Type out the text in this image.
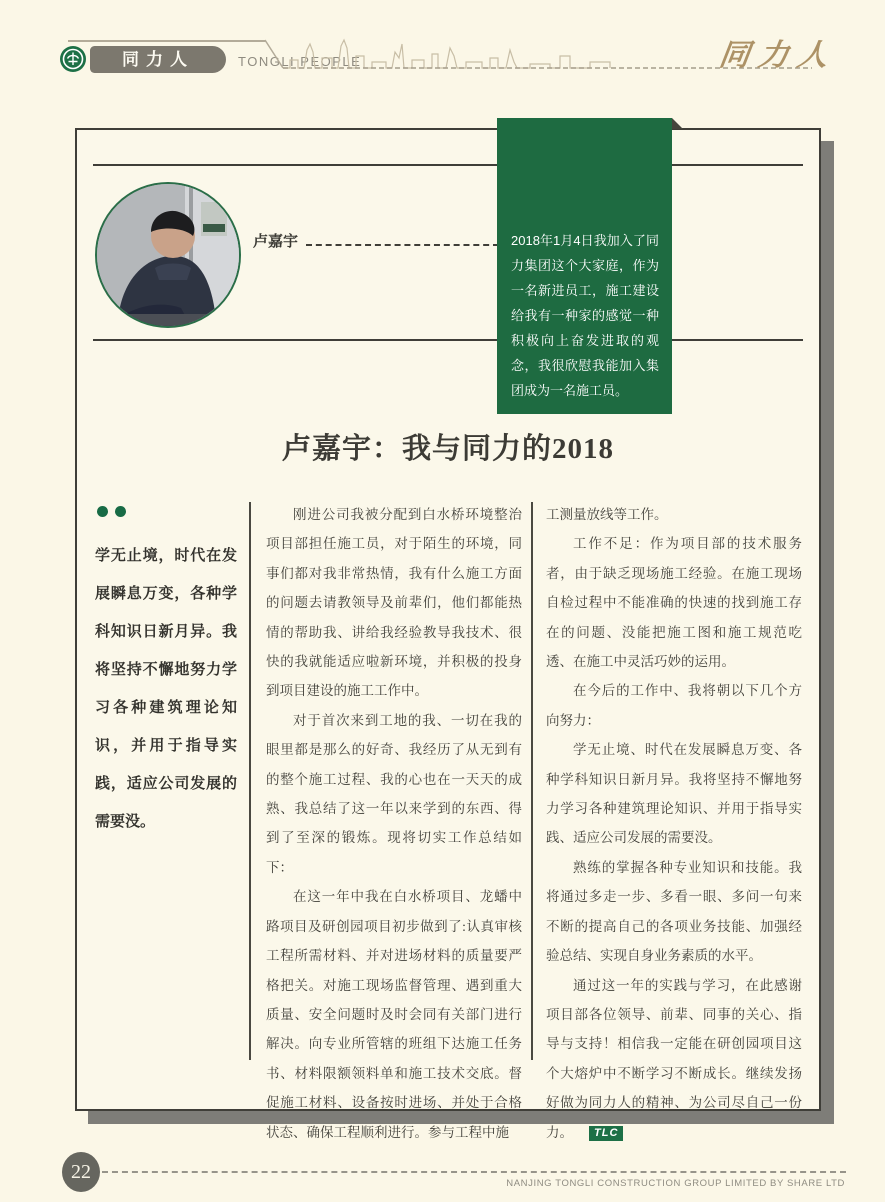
同力人	TONGLI PEOPLE	同力人
卢嘉宇	2018年1月4日我加入了同力集团这个大家庭，作为一名新进员工，施工建设给我有一种家的感觉一种积极向上奋发进取的观念，我很欣慰我能加入集团成为一名施工员。

卢嘉宇：我与同力的2018

学无止境，时代在发展瞬息万变，各种学科知识日新月异。我将坚持不懈地努力学习各种建筑理论知识，并用于指导实践，适应公司发展的需要没。

刚进公司我被分配到白水桥环境整治项目部担任施工员，对于陌生的环境，同事们都对我非常热情，我有什么施工方面的问题去请教领导及前辈们，他们都能热情的帮助我、讲给我经验教导我技术、很快的我就能适应啦新环境，并积极的投身到项目建设的施工工作中。

对于首次来到工地的我、一切在我的眼里都是那么的好奇、我经历了从无到有的整个施工过程、我的心也在一天天的成熟、我总结了这一年以来学到的东西、得到了至深的锻炼。现将切实工作总结如下：

在这一年中我在白水桥项目、龙蟠中路项目及研创园项目初步做到了:认真审核工程所需材料、并对进场材料的质量要严格把关。对施工现场监督管理、遇到重大质量、安全问题时及时会同有关部门进行解决。向专业所管辖的班组下达施工任务书、材料限额领料单和施工技术交底。督促施工材料、设备按时进场、并处于合格状态、确保工程顺利进行。参与工程中施

工测量放线等工作。

工作不足：作为项目部的技术服务者，由于缺乏现场施工经验。在施工现场自检过程中不能准确的快速的找到施工存在的问题、没能把施工图和施工规范吃透、在施工中灵活巧妙的运用。

在今后的工作中、我将朝以下几个方向努力：

学无止境、时代在发展瞬息万变、各种学科知识日新月异。我将坚持不懈地努力学习各种建筑理论知识、并用于指导实践、适应公司发展的需要没。

熟练的掌握各种专业知识和技能。我将通过多走一步、多看一眼、多问一句来不断的提高自己的各项业务技能、加强经验总结、实现自身业务素质的水平。

通过这一年的实践与学习，在此感谢项目部各位领导、前辈、同事的关心、指导与支持！相信我一定能在研创园项目这个大熔炉中不断学习不断成长。继续发扬好做为同力人的精神、为公司尽自己一份力。 TLC

22
NANJING TONGLI CONSTRUCTION GROUP LIMITED BY SHARE LTD
